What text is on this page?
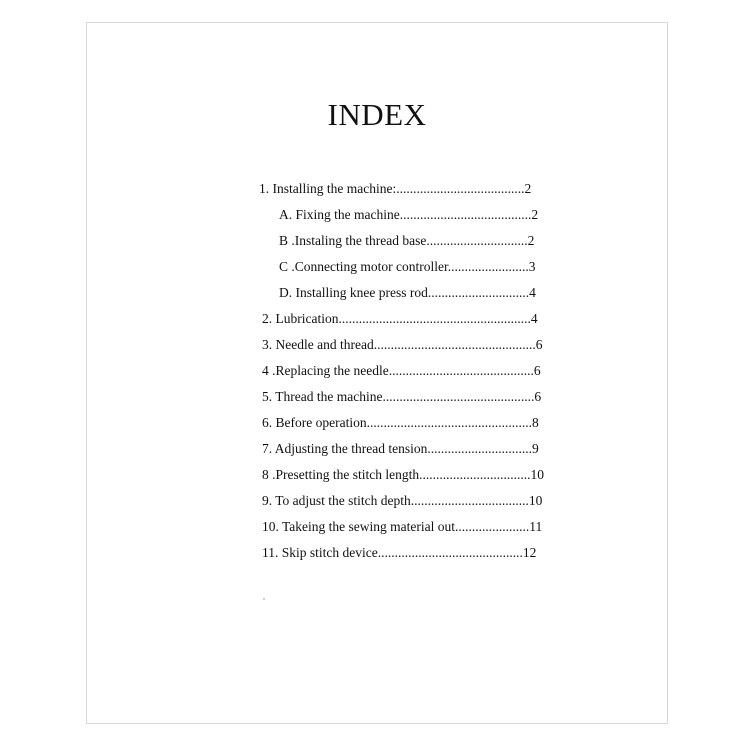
INDEX
1. Installing the machine:......................................2
A. Fixing the machine.......................................2
B .Instaling the thread base..............................2
C .Connecting motor controller........................3
D. Installing knee press rod..............................4
2. Lubrication.........................................................4
3. Needle and thread................................................6
4 .Replacing the needle...........................................6
5. Thread the machine.............................................6
6. Before operation.................................................8
7. Adjusting the thread tension...............................9
8 .Presetting the stitch length.................................10
9. To adjust the stitch depth...................................10
10. Takeing the sewing material out......................11
11. Skip stitch device...........................................12
